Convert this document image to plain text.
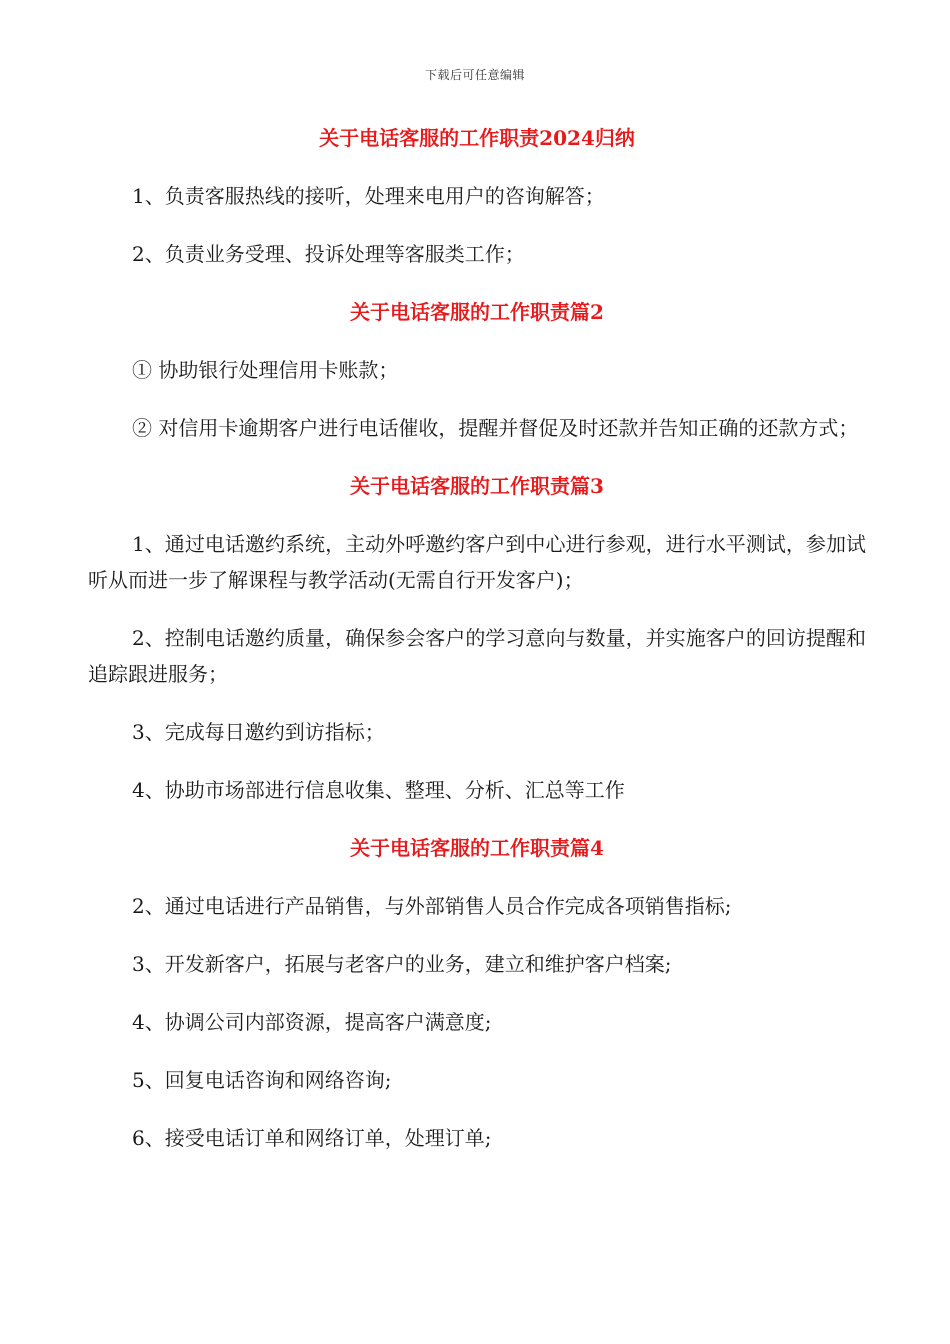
下载后可任意编辑
关于电话客服的工作职责2024归纳

1、负责客服热线的接听，处理来电用户的咨询解答；

2、负责业务受理、投诉处理等客服类工作；

关于电话客服的工作职责篇2

① 协助银行处理信用卡账款；

② 对信用卡逾期客户进行电话催收，提醒并督促及时还款并告知正确的还款方式；

关于电话客服的工作职责篇3

1、通过电话邀约系统，主动外呼邀约客户到中心进行参观，进行水平测试，参加试听从而进一步了解课程与教学活动(无需自行开发客户)；

2、控制电话邀约质量，确保参会客户的学习意向与数量，并实施客户的回访提醒和追踪跟进服务；

3、完成每日邀约到访指标；

4、协助市场部进行信息收集、整理、分析、汇总等工作

关于电话客服的工作职责篇4

2、通过电话进行产品销售，与外部销售人员合作完成各项销售指标;

3、开发新客户，拓展与老客户的业务，建立和维护客户档案;

4、协调公司内部资源，提高客户满意度;

5、回复电话咨询和网络咨询;

6、接受电话订单和网络订单，处理订单;
